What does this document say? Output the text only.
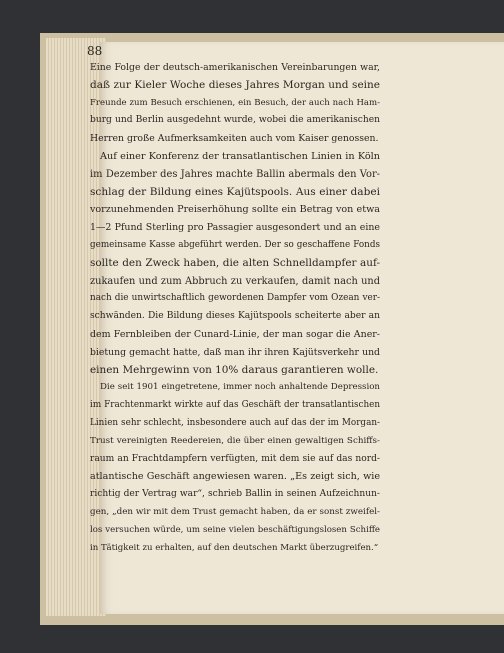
88

Eine Folge der deutsch-amerikanischen Vereinbarungen war,
daß zur Kieler Woche dieses Jahres Morgan und seine
Freunde zum Besuch erschienen, ein Besuch, der auch nach Ham-
burg und Berlin ausgedehnt wurde, wobei die amerikanischen
Herren große Aufmerksamkeiten auch vom Kaiser genossen.

Auf einer Konferenz der transatlantischen Linien in Köln
im Dezember des Jahres machte Ballin abermals den Vor-
schlag der Bildung eines Kajütspools. Aus einer dabei
vorzunehmenden Preiserhöhung sollte ein Betrag von etwa
1—2 Pfund Sterling pro Passagier ausgesondert und an eine
gemeinsame Kasse abgeführt werden. Der so geschaffene Fonds
sollte den Zweck haben, die alten Schnelldampfer auf-
zukaufen und zum Abbruch zu verkaufen, damit nach und
nach die unwirtschaftlich gewordenen Dampfer vom Ozean ver-
schwänden. Die Bildung dieses Kajütspools scheiterte aber an
dem Fernbleiben der Cunard-Linie, der man sogar die Aner-
bietung gemacht hatte, daß man ihr ihren Kajütsverkehr und
einen Mehrgewinn von 10% daraus garantieren wolle.

Die seit 1901 eingetretene, immer noch anhaltende Depression
im Frachtenmarkt wirkte auf das Geschäft der transatlantischen
Linien sehr schlecht, insbesondere auch auf das der im Morgan-
Trust vereinigten Reedereien, die über einen gewaltigen Schiffs-
raum an Frachtdampfern verfügten, mit dem sie auf das nord-
atlantische Geschäft angewiesen waren. „Es zeigt sich, wie
richtig der Vertrag war“, schrieb Ballin in seinen Aufzeichnun-
gen, „den wir mit dem Trust gemacht haben, da er sonst zweifel-
los versuchen würde, um seine vielen beschäftigungslosen Schiffe
in Tätigkeit zu erhalten, auf den deutschen Markt überzugreifen.“
